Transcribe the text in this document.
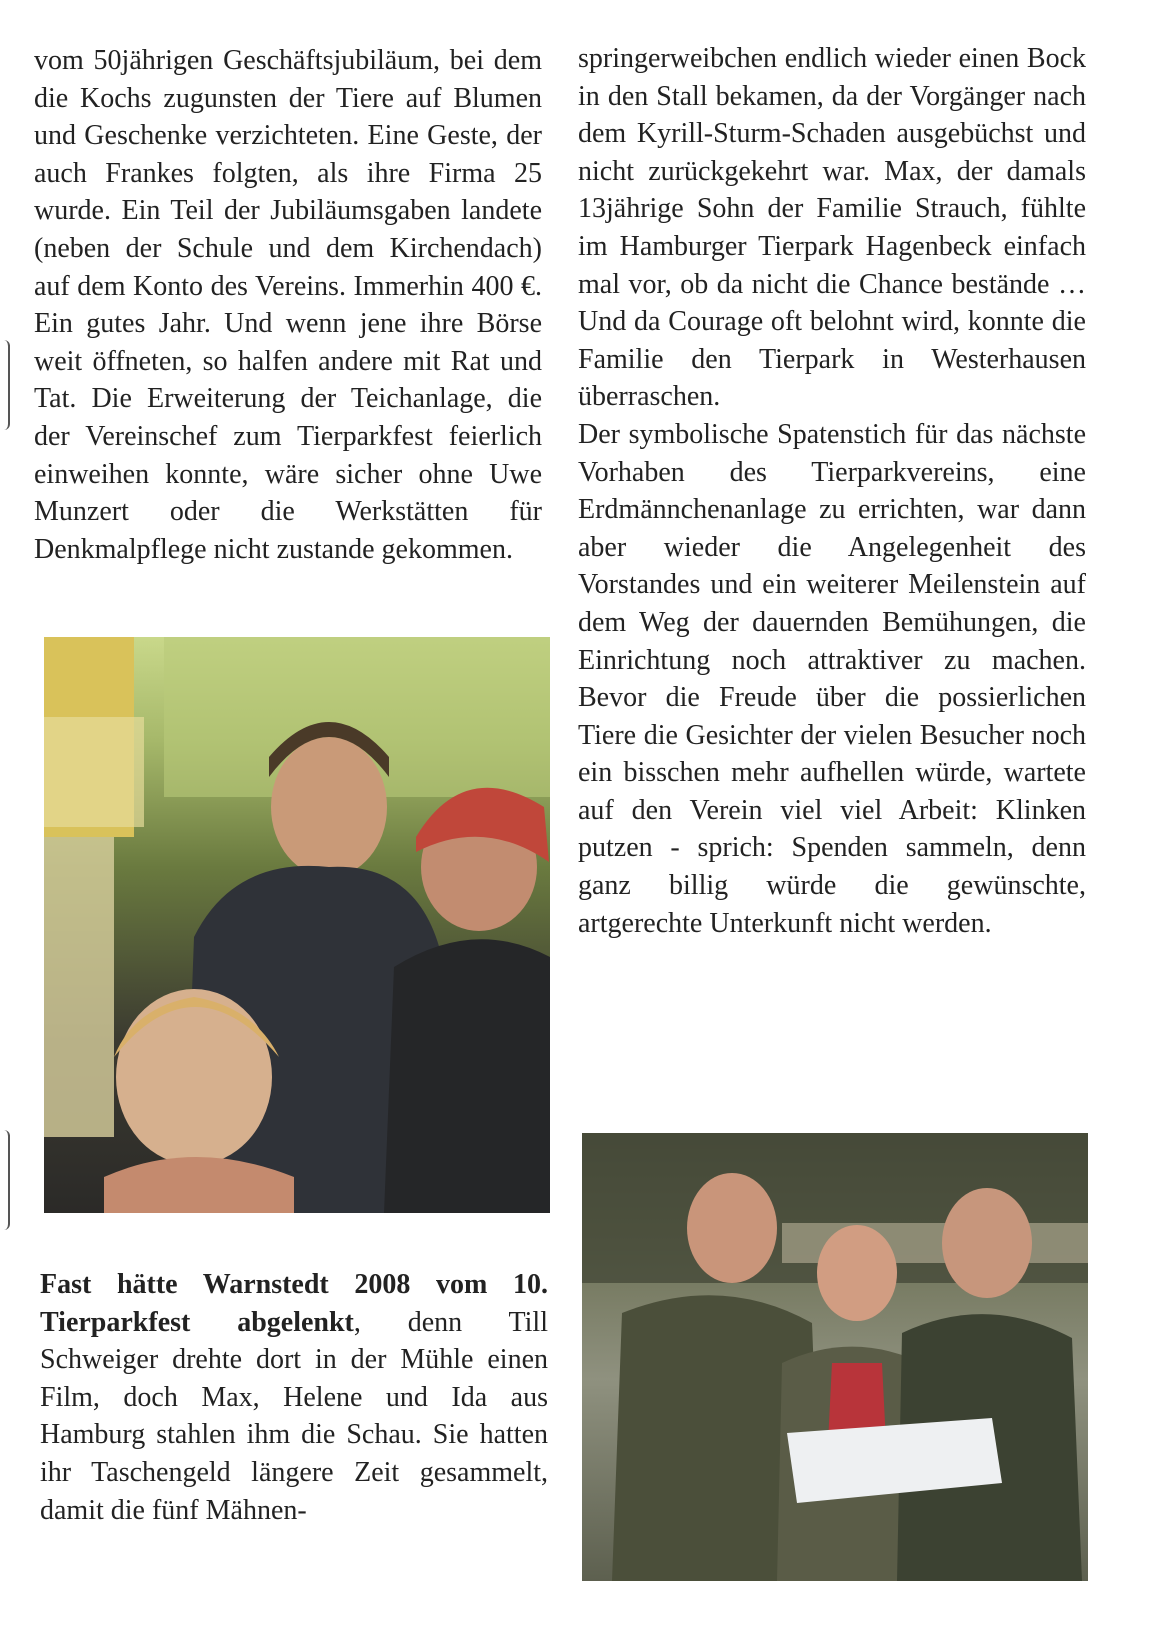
vom 50jährigen Geschäftsjubiläum, bei dem die Kochs zugunsten der Tiere auf Blumen und Geschenke verzichteten. Eine Geste, der auch Frankes folgten, als ihre Firma 25 wurde. Ein Teil der Jubiläumsgaben landete (neben der Schule und dem Kirchendach) auf dem Konto des Vereins. Immerhin 400 €. Ein gutes Jahr. Und wenn jene ihre Börse weit öffneten, so halfen andere mit Rat und Tat. Die Erweiterung der Teichanlage, die der Vereinschef zum Tierparkfest feierlich einweihen konnte, wäre sicher ohne Uwe Munzert oder die Werkstätten für Denkmalpflege nicht zustande gekommen.

Fast hätte Warnstedt 2008 vom 10. Tierparkfest abgelenkt, denn Till Schweiger drehte dort in der Mühle einen Film, doch Max, Helene und Ida aus Hamburg stahlen ihm die Schau. Sie hatten ihr Taschengeld längere Zeit gesammelt, damit die fünf Mähnen-

springerweibchen endlich wieder einen Bock in den Stall bekamen, da der Vorgänger nach dem Kyrill-Sturm-Schaden ausgebüchst und nicht zurückgekehrt war. Max, der damals 13jährige Sohn der Familie Strauch, fühlte im Hamburger Tierpark Hagenbeck einfach mal vor, ob da nicht die Chance bestände …Und da Courage oft belohnt wird, konnte die Familie den Tierpark in Westerhausen überraschen.

Der symbolische Spatenstich für das nächste Vorhaben des Tierparkvereins, eine Erdmännchenanlage zu errichten, war dann aber wieder die Angelegenheit des Vorstandes und ein weiterer Meilenstein auf dem Weg der dauernden Bemühungen, die Einrichtung noch attraktiver zu machen. Bevor die Freude über die possierlichen Tiere die Gesichter der vielen Besucher noch ein bisschen mehr aufhellen würde, wartete auf den Verein viel viel Arbeit: Klinken putzen - sprich: Spenden sammeln, denn ganz billig würde die gewünschte, artgerechte Unterkunft nicht werden.
